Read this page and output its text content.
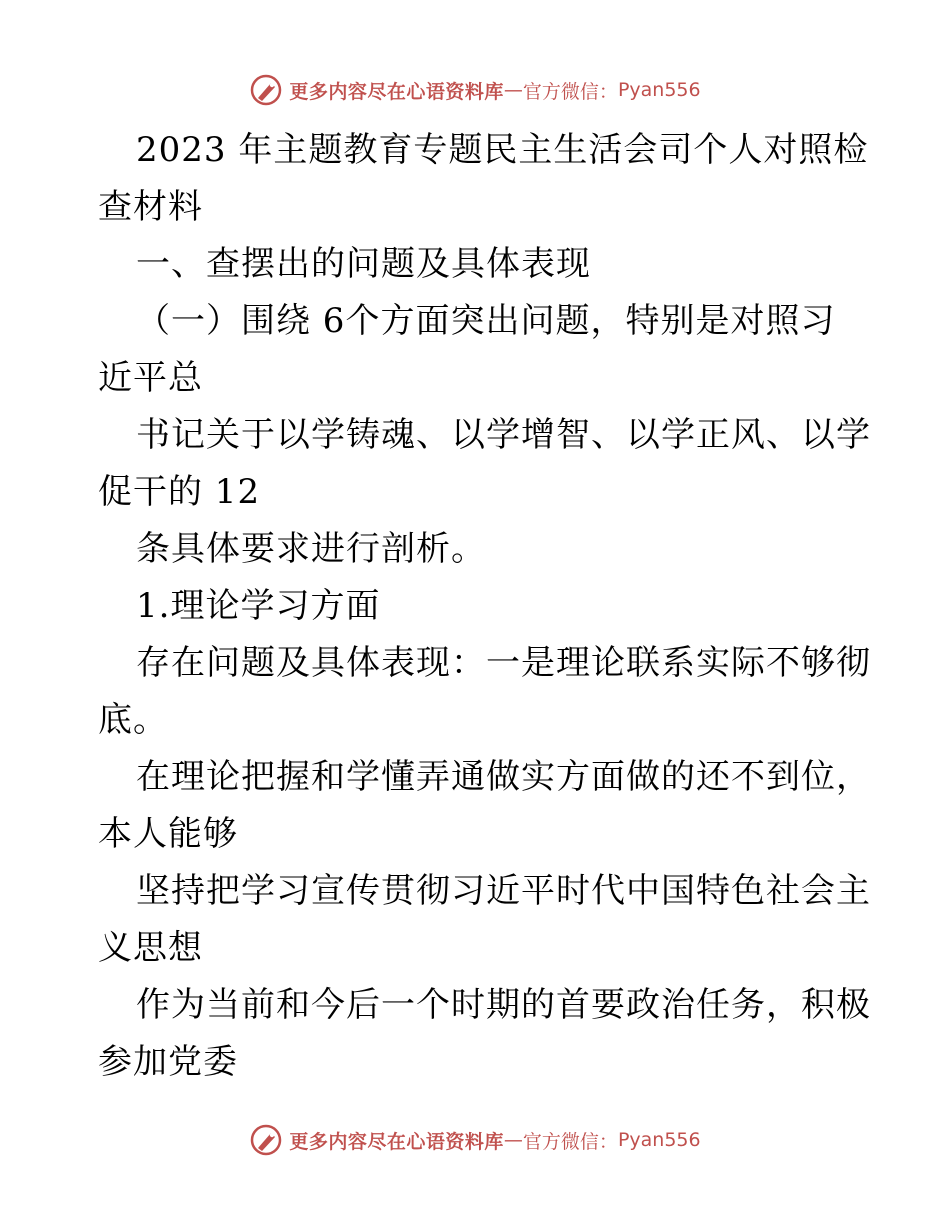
更多内容尽在心语资料库 — 官方微信： Pyan556
2023 年主题教育专题民主生活会司个人对照检
查材料
一、查摆出的问题及具体表现
（一）围绕 6个方面突出问题，特别是对照习
近平总
书记关于以学铸魂、以学增智、以学正风、以学
促干的 12
条具体要求进行剖析。
1.理论学习方面
存在问题及具体表现：一是理论联系实际不够彻
底。
在理论把握和学懂弄通做实方面做的还不到位，
本人能够
坚持把学习宣传贯彻习近平时代中国特色社会主
义思想
作为当前和今后一个时期的首要政治任务，积极
参加党委
更多内容尽在心语资料库 — 官方微信： Pyan556
